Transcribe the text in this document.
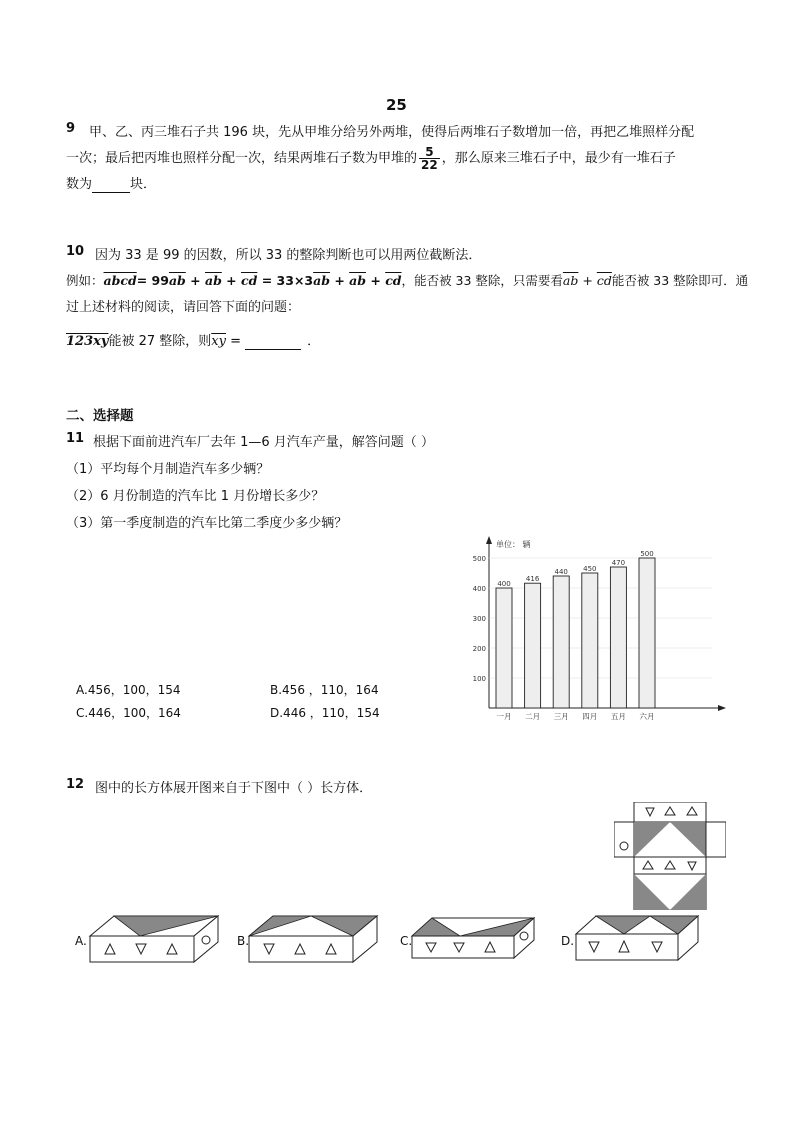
25
9 甲、乙、丙三堆石子共 196 块，先从甲堆分给另外两堆，使得后两堆石子数增加一倍，再把乙堆照样分配
一次；最后把丙堆也照样分配一次，结果两堆石子数为甲堆的 $\frac{5}{22}$ ，那么原来三堆石子中，最少有一堆石子
数为	块．
10 因为 33 是 99 的因数，所以 33 的整除判断也可以用两位截断法．
例如：abcd= $99\overline{ab} + \overline{ab} + \overline{cd} = 33\times 3\overline{ab} + \overline{ab} + \overline{cd}$，能否被 33 整除，只需要看$\overline{ab} + \overline{cd}$能否被 33 整除即可．通
过上述材料的阅读，请回答下面的问题：
123xy能被 27 整除，则$\overline{xy}$ =	．
二、选择题
11 根据下面前进汽车厂去年 1—6 月汽车产量，解答问题（ ）
（1）平均每个月制造汽车多少辆？
（2）6 月份制造的汽车比 1 月份增长多少？
（3）第一季度制造的汽车比第二季度少多少辆？
A.456，100，154	B.456 ，110，164
C.446，100，164	D.446 ，110，154
单位： 辆
100
200
300
400
500
400
一月
416
二月
440
三月
450
四月
470
五月
500
六月
12 图中的长方体展开图来自于下图中（ ）长方体．
A.	B.	C.	D.
